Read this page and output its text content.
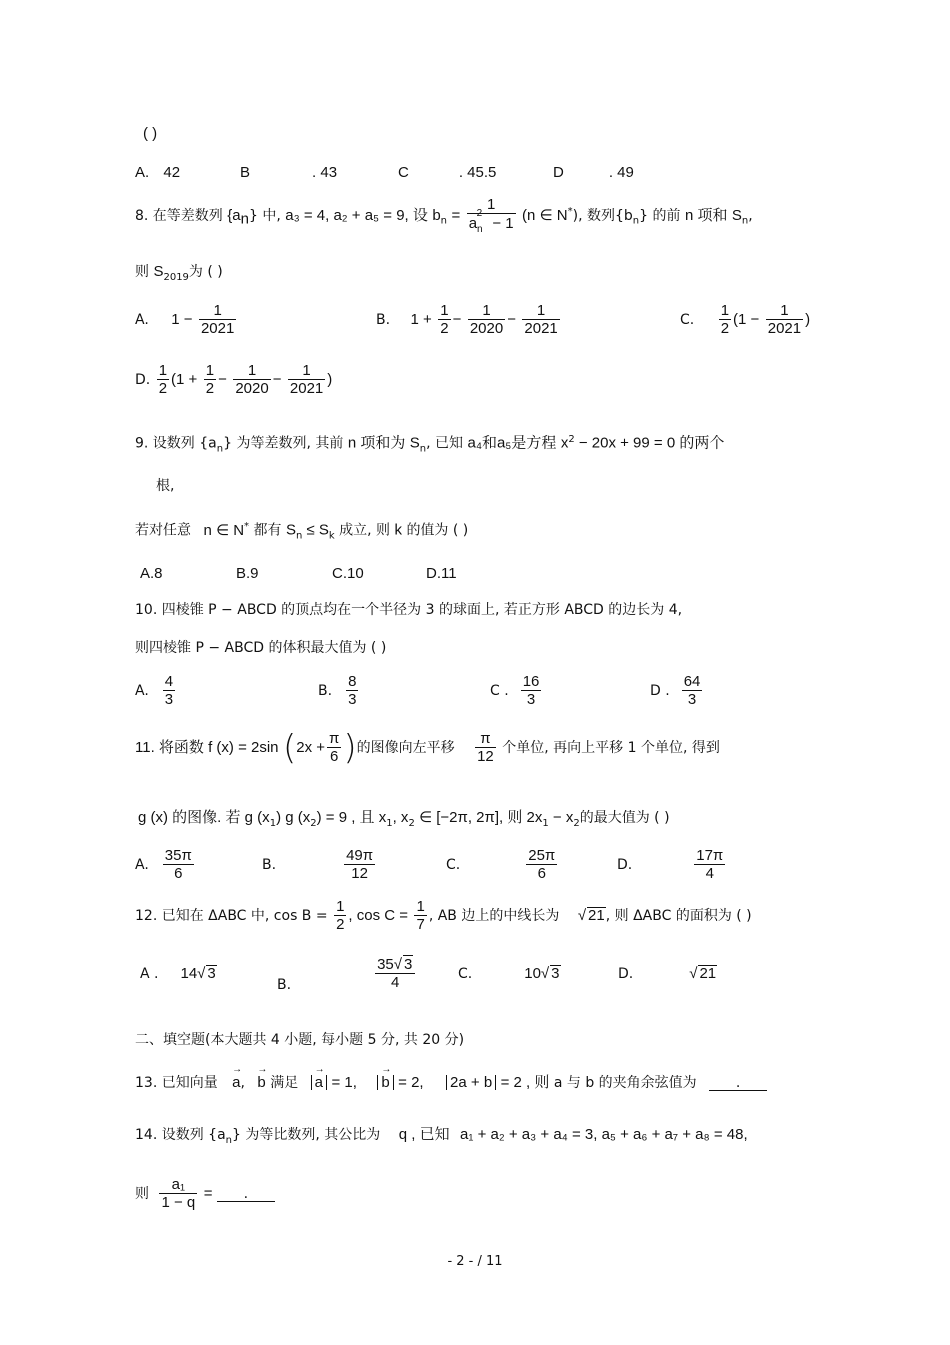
( )
A. 42	B	. 43	C	. 45.5	D	. 49
8. 在等差数列 $\{a_n\}$ 中, a₃ = 4, a₂ + a₅ = 9, 设 $b_n = \frac{1}{a_n^2 - 1} (n$ ∈ N*), 数列$\{b_n\}$ 的前 n 项和 $S_n$,
则 $S_{2019}$为 ( )
A. $1 - \frac{1}{2021}$	B. $1 + \frac{1}{2} - \frac{1}{2020} - \frac{1}{2021}$	C. $\frac{1}{2} (1 - \frac{1}{2021}$ )
D. $\frac{1}{2} (1 + \frac{1}{2} - \frac{1}{2020} - \frac{1}{2021}$ )
9. 设数列 $\{a_n\}$ 为等差数列, 其前 n 项和为 $S_n$, 已知 a₄和a₅是方程 $x^2 - 20x + 99 = 0$ 的两个
根,
若对任意 n ∈ N* 都有 $S_n \le S_k$ 成立, 则 k 的值为 ( )
A.8	B.9	C.10	D.11
10. 四棱锥 P − ABCD 的顶点均在一个半径为 3 的球面上, 若正方形 ABCD 的边长为 4,
则四棱锥 P − ABCD 的体积最大值为 ( )
A. $\frac{4}{3}$	B. $\frac{8}{3}$	C . $\frac{16}{3}$	D . $\frac{64}{3}$
11. 将函数 f (x) = 2sin ($2x + \frac{\pi}{6}$ )的图像向左平移 $\frac{\pi}{12}$ 个单位, 再向上平移 1 个单位, 得到
g (x) 的图像. 若 g $(x_1)$ g $(x_2) = 9$ , 且 $x_1$, $x_2$ ∈ [−2π, 2π], 则 $2x_1 - x_2$的最大值为 ( )
A. $\frac{35\pi}{6}$	B.	$\frac{49\pi}{12}$	C.	$\frac{25\pi}{6}$	D.	$\frac{17\pi}{4}$
12. 已知在 ΔABC 中, $\cos B = \frac{1}{2}$ , $\cos C = \frac{1}{7}$ , AB 边上的中线长为 √ 21, 则 ΔABC 的面积为 ( )
A . 14√ 3
B.	$\frac{35√ 3}{4}$	C.	10√ 3	D.	√ 21
二、填空题(本大题共 4 小题, 每小题 5 分, 共 20 分)
13. 已知向量 → a, → b 满足 → a = 1, → b = 2, 2a + b = 2 , 则 a 与 b 的夹角余弦值为	.
14. 设数列 $\{a_n\}$ 为等比数列, 其公比为 q , 已知 a₁ + a₂ + a₃ + a₄ = 3, a₅ + a₆ + a₇ + a₈ = 48,
则 $\frac{\text{a₁}}{1 - q}$ = .
- 2 - / 11
